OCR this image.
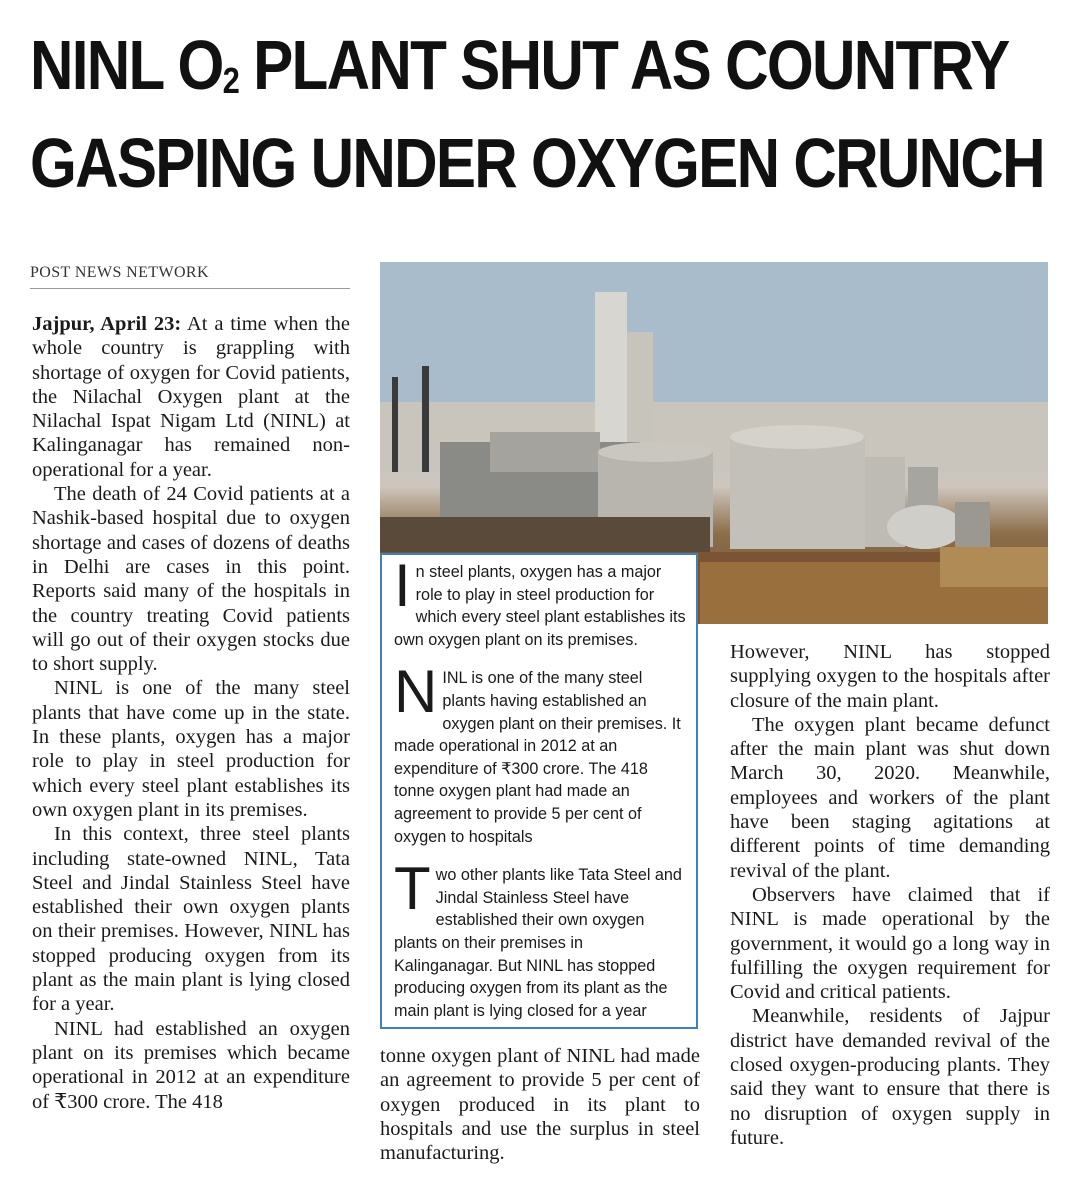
NINL $O_2$ PLANT SHUT AS COUNTRY
GASPING UNDER OXYGEN CRUNCH
POST NEWS NETWORK

Jajpur, April 23: At a time when the whole country is grappling with shortage of oxygen for Covid patients, the Nilachal Oxygen plant at the Nilachal Ispat Nigam Ltd (NINL) at Kalinganagar has remained non-operational for a year.

The death of 24 Covid patients at a Nashik-based hospital due to oxygen shortage and cases of dozens of deaths in Delhi are cases in this point. Reports said many of the hospitals in the country treating Covid patients will go out of their oxygen stocks due to short supply.

NINL is one of the many steel plants that have come up in the state. In these plants, oxygen has a major role to play in steel production for which every steel plant establishes its own oxygen plant in its premises.

In this context, three steel plants including state-owned NINL, Tata Steel and Jindal Stainless Steel have established their own oxygen plants on their premises. However, NINL has stopped producing oxygen from its plant as the main plant is lying closed for a year.

NINL had established an oxygen plant on its premises which became operational in 2012 at an expenditure of ₹300 crore. The 418

In steel plants, oxygen has a major role to play in steel production for which every steel plant establishes its own oxygen plant on its premises.
NINL is one of the many steel plants having established an oxygen plant on their premises. It made operational in 2012 at an expenditure of ₹300 crore. The 418 tonne oxygen plant had made an agreement to provide 5 per cent of oxygen to hospitals
Two other plants like Tata Steel and Jindal Stainless Steel have established their own oxygen plants on their premises in Kalinganagar. But NINL has stopped producing oxygen from its plant as the main plant is lying closed for a year

tonne oxygen plant of NINL had made an agreement to provide 5 per cent of oxygen produced in its plant to hospitals and use the surplus in steel manufacturing.

However, NINL has stopped supplying oxygen to the hospitals after closure of the main plant.

The oxygen plant became defunct after the main plant was shut down March 30, 2020. Meanwhile, employees and workers of the plant have been staging agitations at different points of time demanding revival of the plant.

Observers have claimed that if NINL is made operational by the government, it would go a long way in fulfilling the oxygen requirement for Covid and critical patients.

Meanwhile, residents of Jajpur district have demanded revival of the closed oxygen-producing plants. They said they want to ensure that there is no disruption of oxygen supply in future.
